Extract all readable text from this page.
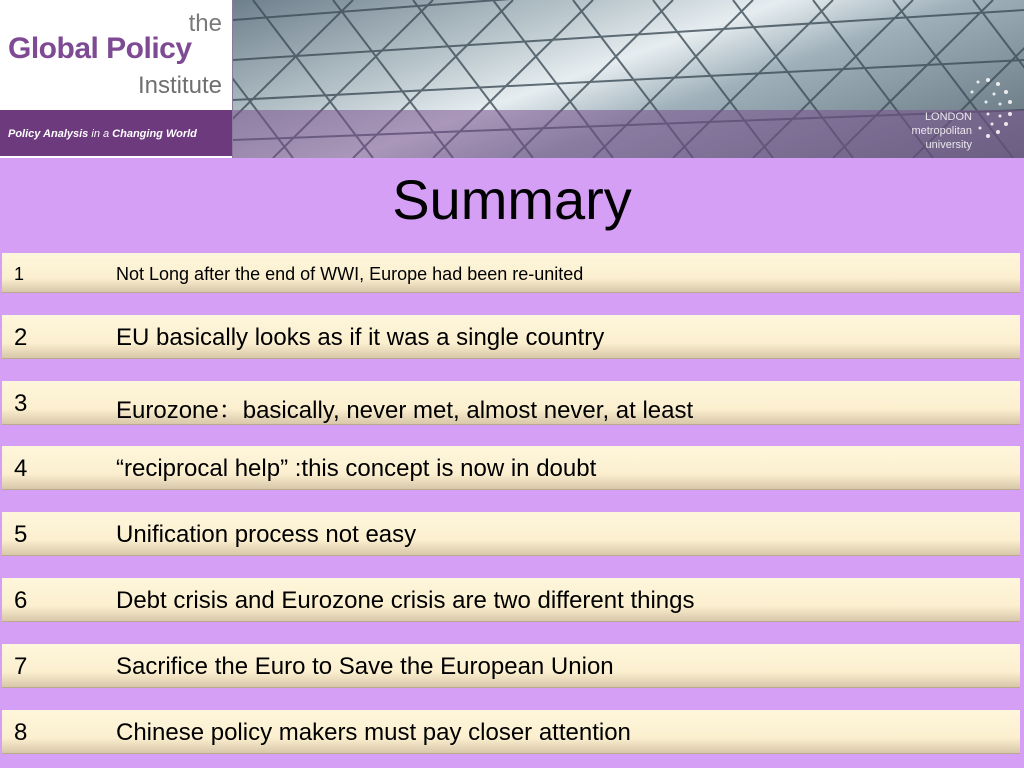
the
Global Policy
Institute
Policy Analysis in a Changing World
LONDON
metropolitan
university
Summary
1	Not Long after the end of WWI, Europe had been re-united
2	EU basically looks as if it was a single country
3	Eurozone：basically, never met, almost never, at least
4	“reciprocal help” :this concept is now in doubt
5	Unification process not easy
6	Debt crisis and Eurozone crisis are two different things
7	Sacrifice the Euro to Save the European Union
8	Chinese policy makers must pay closer attention
